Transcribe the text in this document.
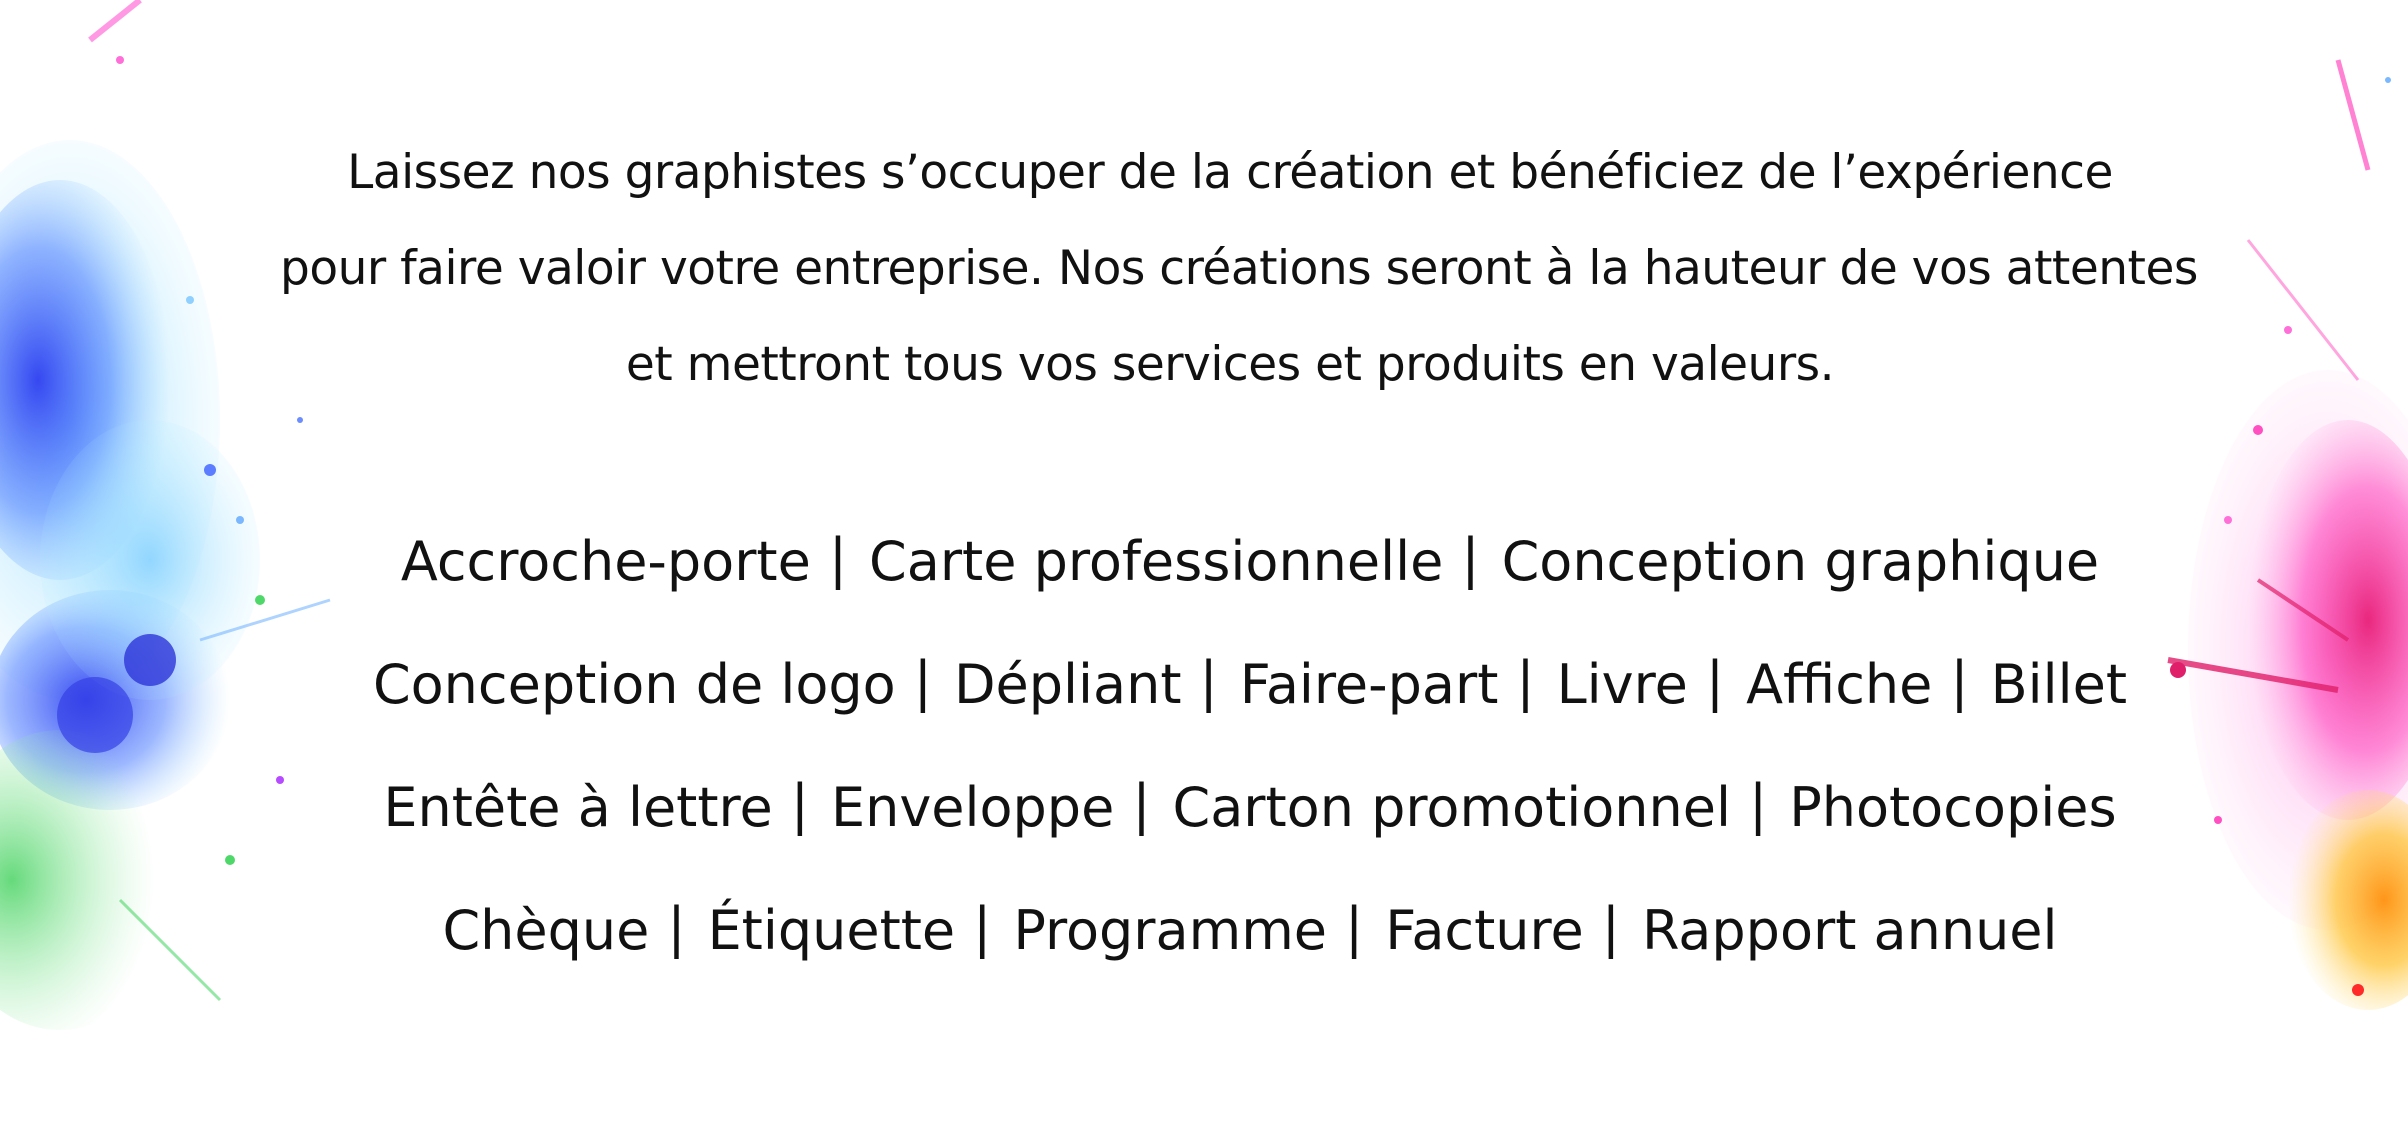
Laissez nos graphistes s’occuper de la création et bénéficiez de l’expérience
pour faire valoir votre entreprise. Nos créations seront à la hauteur de vos attentes
et mettront tous vos services et produits en valeurs.
Accroche-porte | Carte professionnelle | Conception graphique
Conception de logo | Dépliant | Faire-part | Livre | Affiche | Billet
Entête à lettre | Enveloppe | Carton promotionnel | Photocopies
Chèque | Étiquette | Programme | Facture | Rapport annuel
